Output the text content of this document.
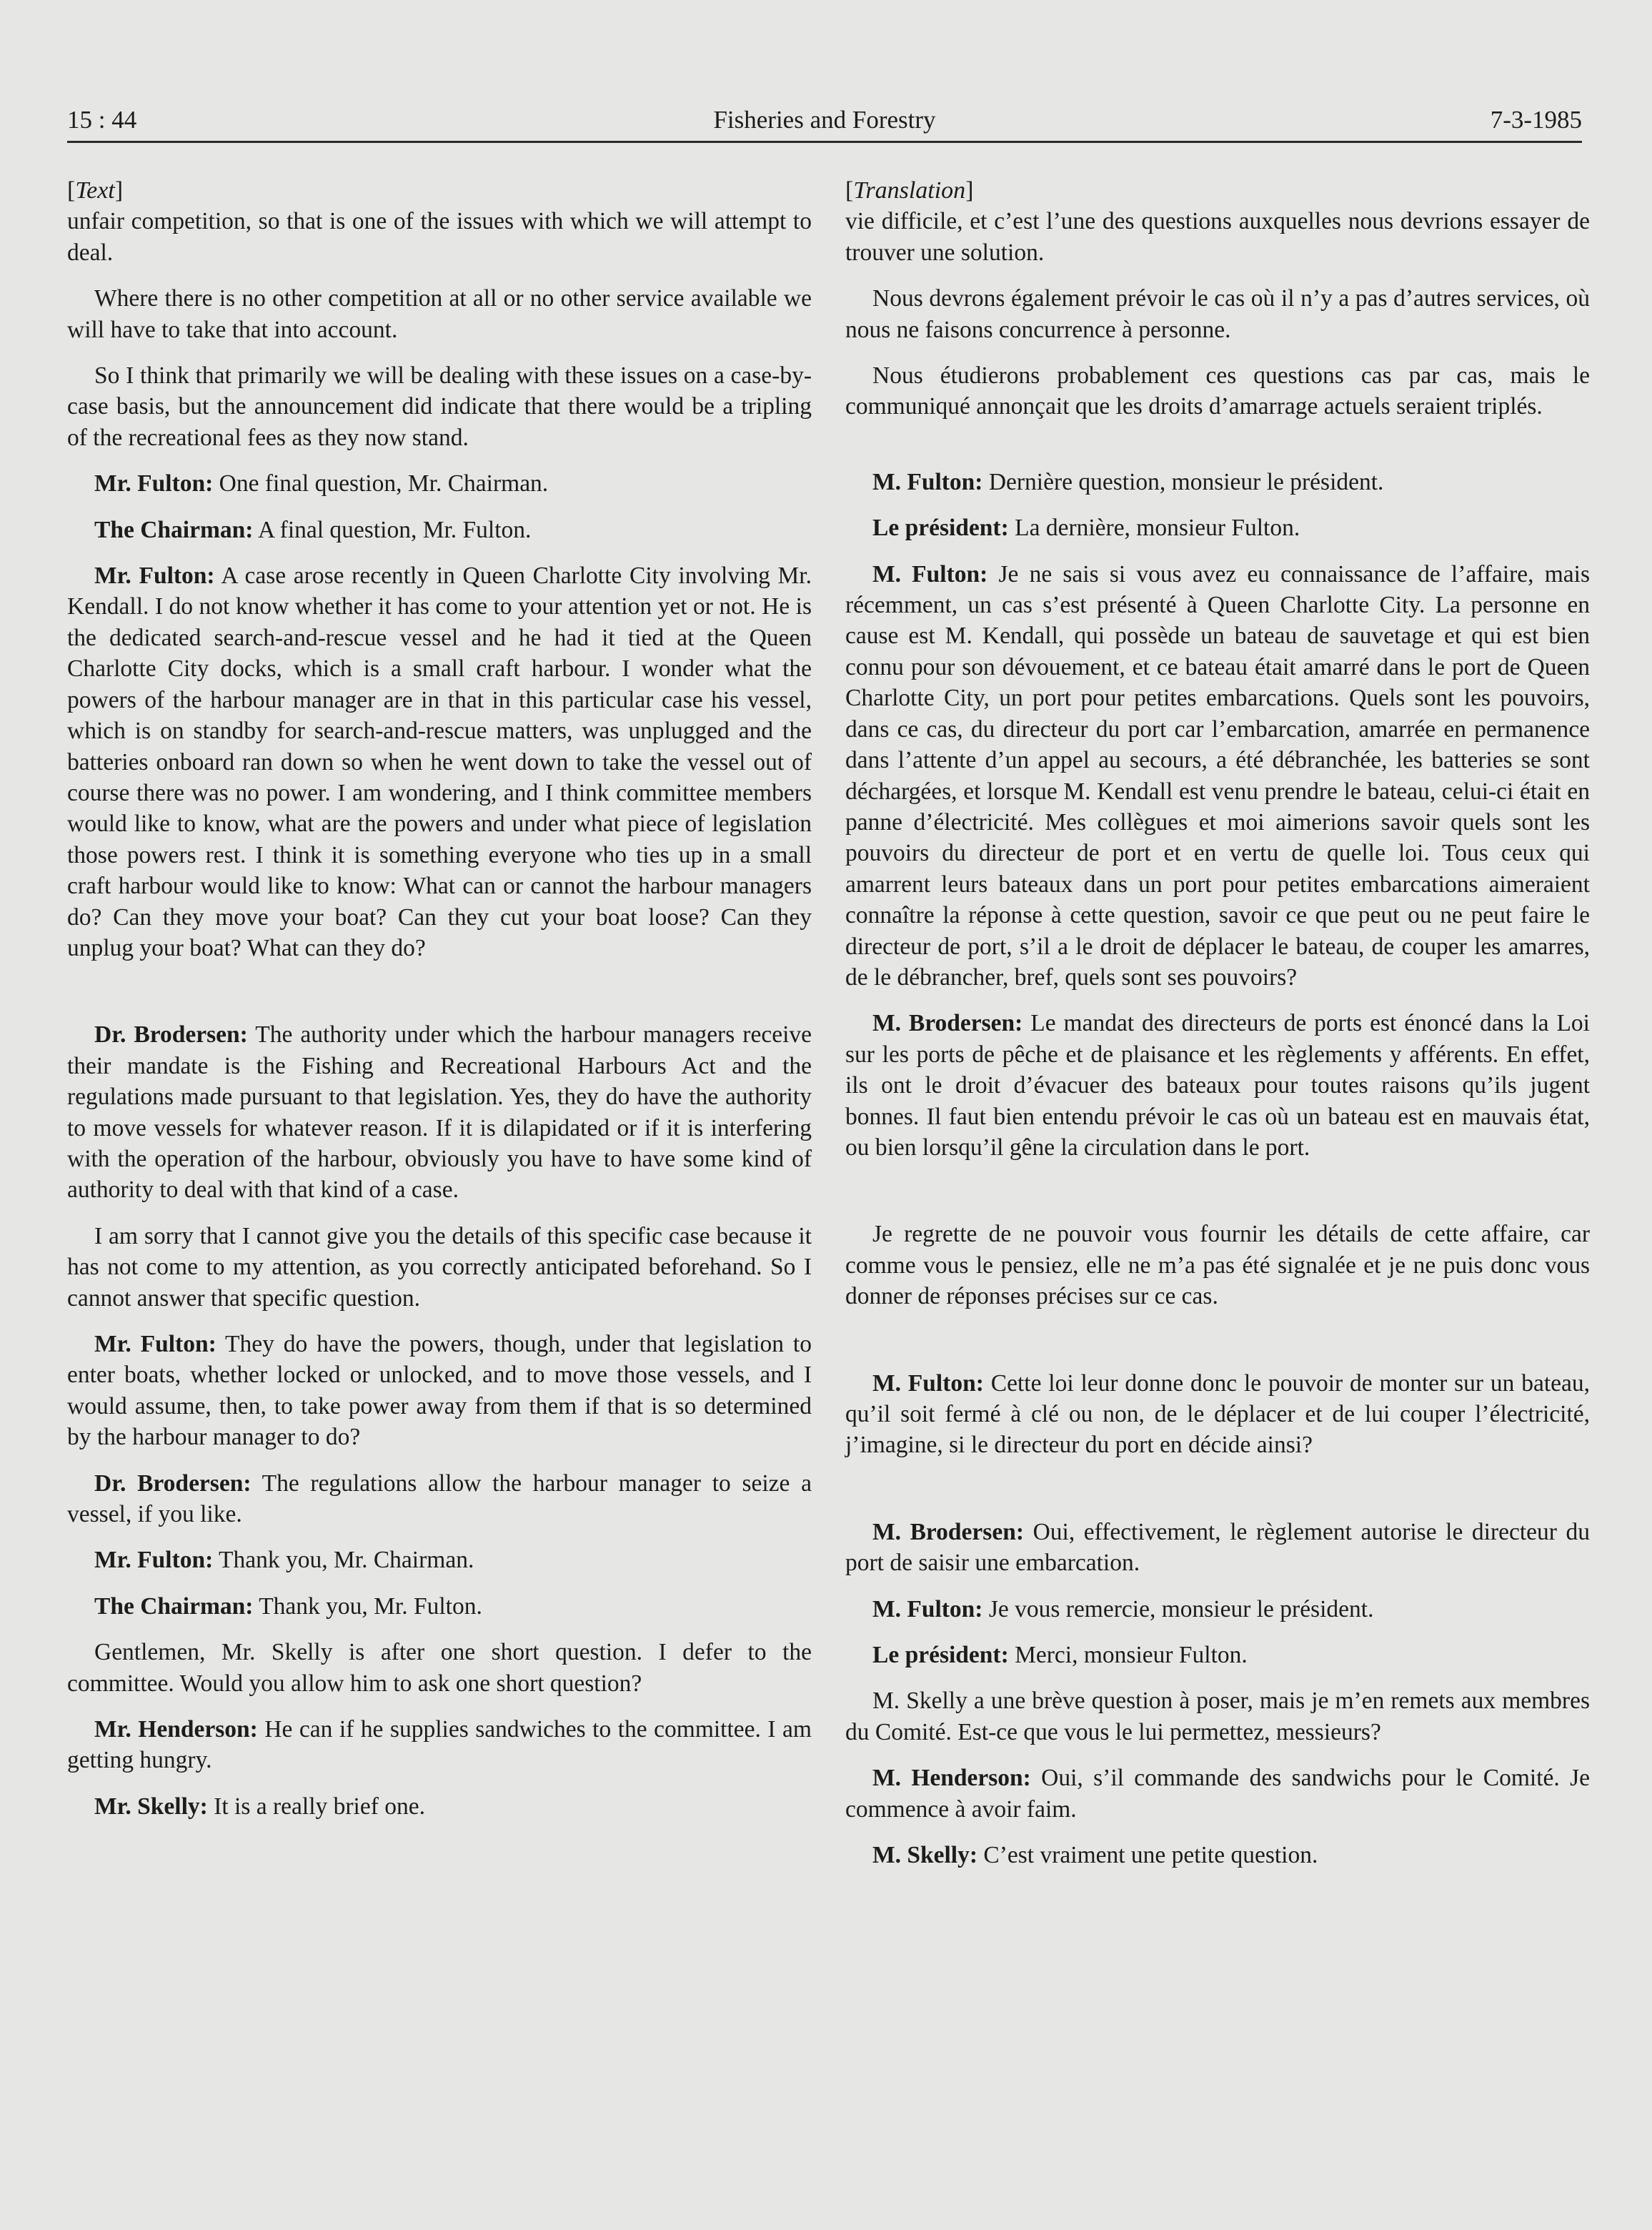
15 : 44	Fisheries and Forestry	7-3-1985

[Text]

unfair competition, so that is one of the issues with which we will attempt to deal.

Where there is no other competition at all or no other service available we will have to take that into account.

So I think that primarily we will be dealing with these issues on a case-by-case basis, but the announcement did indicate that there would be a tripling of the recreational fees as they now stand.

Mr. Fulton: One final question, Mr. Chairman.

The Chairman: A final question, Mr. Fulton.

Mr. Fulton: A case arose recently in Queen Charlotte City involving Mr. Kendall. I do not know whether it has come to your attention yet or not. He is the dedicated search-and-rescue vessel and he had it tied at the Queen Charlotte City docks, which is a small craft harbour. I wonder what the powers of the harbour manager are in that in this particular case his vessel, which is on standby for search-and-rescue matters, was unplugged and the batteries onboard ran down so when he went down to take the vessel out of course there was no power. I am wondering, and I think committee members would like to know, what are the powers and under what piece of legislation those powers rest. I think it is something everyone who ties up in a small craft harbour would like to know: What can or cannot the harbour managers do? Can they move your boat? Can they cut your boat loose? Can they unplug your boat? What can they do?

Dr. Brodersen: The authority under which the harbour managers receive their mandate is the Fishing and Recreational Harbours Act and the regulations made pursuant to that legislation. Yes, they do have the authority to move vessels for whatever reason. If it is dilapidated or if it is interfering with the operation of the harbour, obviously you have to have some kind of authority to deal with that kind of a case.

I am sorry that I cannot give you the details of this specific case because it has not come to my attention, as you correctly anticipated beforehand. So I cannot answer that specific question.

Mr. Fulton: They do have the powers, though, under that legislation to enter boats, whether locked or unlocked, and to move those vessels, and I would assume, then, to take power away from them if that is so determined by the harbour manager to do?

Dr. Brodersen: The regulations allow the harbour manager to seize a vessel, if you like.

Mr. Fulton: Thank you, Mr. Chairman.

The Chairman: Thank you, Mr. Fulton.

Gentlemen, Mr. Skelly is after one short question. I defer to the committee. Would you allow him to ask one short question?

Mr. Henderson: He can if he supplies sandwiches to the committee. I am getting hungry.

Mr. Skelly: It is a really brief one.

[Translation]

vie difficile, et c’est l’une des questions auxquelles nous devrions essayer de trouver une solution.

Nous devrons également prévoir le cas où il n’y a pas d’autres services, où nous ne faisons concurrence à personne.

Nous étudierons probablement ces questions cas par cas, mais le communiqué annonçait que les droits d’amarrage actuels seraient triplés.

M. Fulton: Dernière question, monsieur le président.

Le président: La dernière, monsieur Fulton.

M. Fulton: Je ne sais si vous avez eu connaissance de l’affaire, mais récemment, un cas s’est présenté à Queen Charlotte City. La personne en cause est M. Kendall, qui possède un bateau de sauvetage et qui est bien connu pour son dévouement, et ce bateau était amarré dans le port de Queen Charlotte City, un port pour petites embarcations. Quels sont les pouvoirs, dans ce cas, du directeur du port car l’embarcation, amarrée en permanence dans l’attente d’un appel au secours, a été débranchée, les batteries se sont déchargées, et lorsque M. Kendall est venu prendre le bateau, celui-ci était en panne d’électricité. Mes collègues et moi aimerions savoir quels sont les pouvoirs du directeur de port et en vertu de quelle loi. Tous ceux qui amarrent leurs bateaux dans un port pour petites embarcations aimeraient connaître la réponse à cette question, savoir ce que peut ou ne peut faire le directeur de port, s’il a le droit de déplacer le bateau, de couper les amarres, de le débrancher, bref, quels sont ses pouvoirs?

M. Brodersen: Le mandat des directeurs de ports est énoncé dans la Loi sur les ports de pêche et de plaisance et les règlements y afférents. En effet, ils ont le droit d’évacuer des bateaux pour toutes raisons qu’ils jugent bonnes. Il faut bien entendu prévoir le cas où un bateau est en mauvais état, ou bien lorsqu’il gêne la circulation dans le port.

Je regrette de ne pouvoir vous fournir les détails de cette affaire, car comme vous le pensiez, elle ne m’a pas été signalée et je ne puis donc vous donner de réponses précises sur ce cas.

M. Fulton: Cette loi leur donne donc le pouvoir de monter sur un bateau, qu’il soit fermé à clé ou non, de le déplacer et de lui couper l’électricité, j’imagine, si le directeur du port en décide ainsi?

M. Brodersen: Oui, effectivement, le règlement autorise le directeur du port de saisir une embarcation.

M. Fulton: Je vous remercie, monsieur le président.

Le président: Merci, monsieur Fulton.

M. Skelly a une brève question à poser, mais je m’en remets aux membres du Comité. Est-ce que vous le lui permettez, messieurs?

M. Henderson: Oui, s’il commande des sandwichs pour le Comité. Je commence à avoir faim.

M. Skelly: C’est vraiment une petite question.
